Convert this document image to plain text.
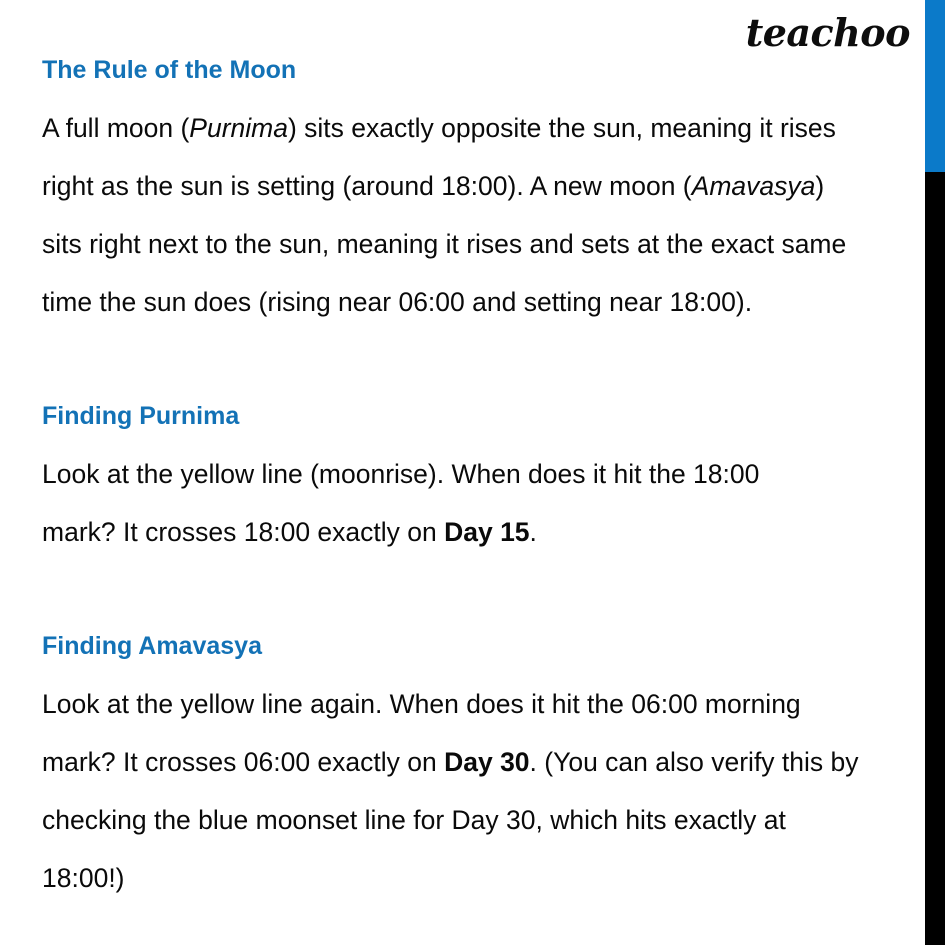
teachoo
The Rule of the Moon
A full moon (Purnima) sits exactly opposite the sun, meaning it rises
right as the sun is setting (around 18:00). A new moon (Amavasya)
sits right next to the sun, meaning it rises and sets at the exact same
time the sun does (rising near 06:00 and setting near 18:00).
Finding Purnima
Look at the yellow line (moonrise). When does it hit the 18:00
mark? It crosses 18:00 exactly on Day 15.
Finding Amavasya
Look at the yellow line again. When does it hit the 06:00 morning
mark? It crosses 06:00 exactly on Day 30. (You can also verify this by
checking the blue moonset line for Day 30, which hits exactly at
18:00!)
